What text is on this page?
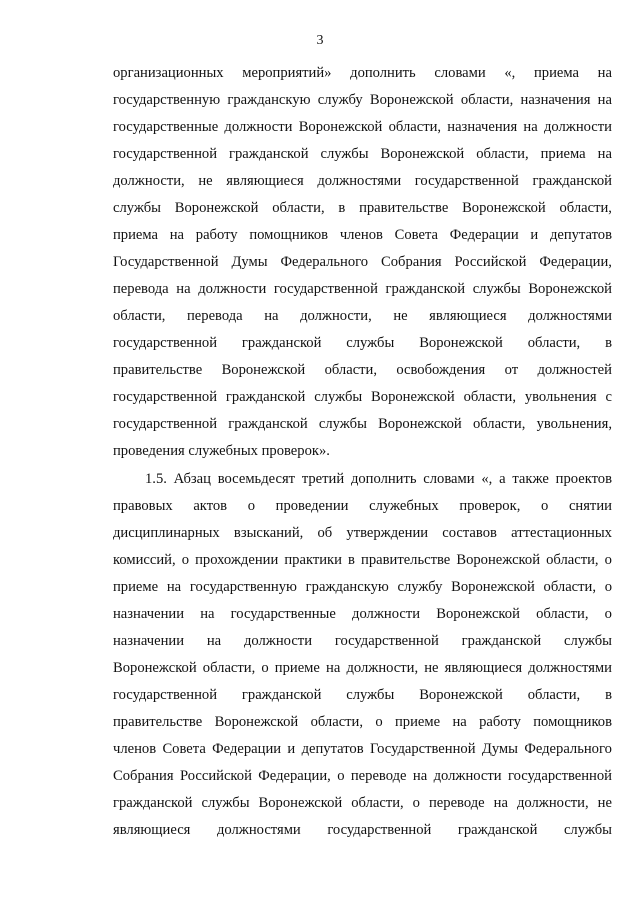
3
организационных мероприятий» дополнить словами «, приема на
государственную гражданскую службу Воронежской области, назначения на
государственные должности Воронежской области, назначения на должности
государственной гражданской службы Воронежской области, приема на
должности, не являющиеся должностями государственной гражданской
службы Воронежской области, в правительстве Воронежской области,
приема на работу помощников членов Совета Федерации и депутатов
Государственной Думы Федерального Собрания Российской Федерации,
перевода на должности государственной гражданской службы Воронежской
области, перевода на должности, не являющиеся должностями
государственной гражданской службы Воронежской области, в
правительстве Воронежской области, освобождения от должностей
государственной гражданской службы Воронежской области, увольнения с
государственной гражданской службы Воронежской области, увольнения,
проведения служебных проверок».
1.5. Абзац восемьдесят третий дополнить словами «, а также проектов
правовых актов о проведении служебных проверок, о снятии
дисциплинарных взысканий, об утверждении составов аттестационных
комиссий, о прохождении практики в правительстве Воронежской области, о
приеме на государственную гражданскую службу Воронежской области, о
назначении на государственные должности Воронежской области, о
назначении на должности государственной гражданской службы
Воронежской области, о приеме на должности, не являющиеся должностями
государственной гражданской службы Воронежской области, в
правительстве Воронежской области, о приеме на работу помощников
членов Совета Федерации и депутатов Государственной Думы Федерального
Собрания Российской Федерации, о переводе на должности государственной
гражданской службы Воронежской области, о переводе на должности, не
являющиеся должностями государственной гражданской службы
